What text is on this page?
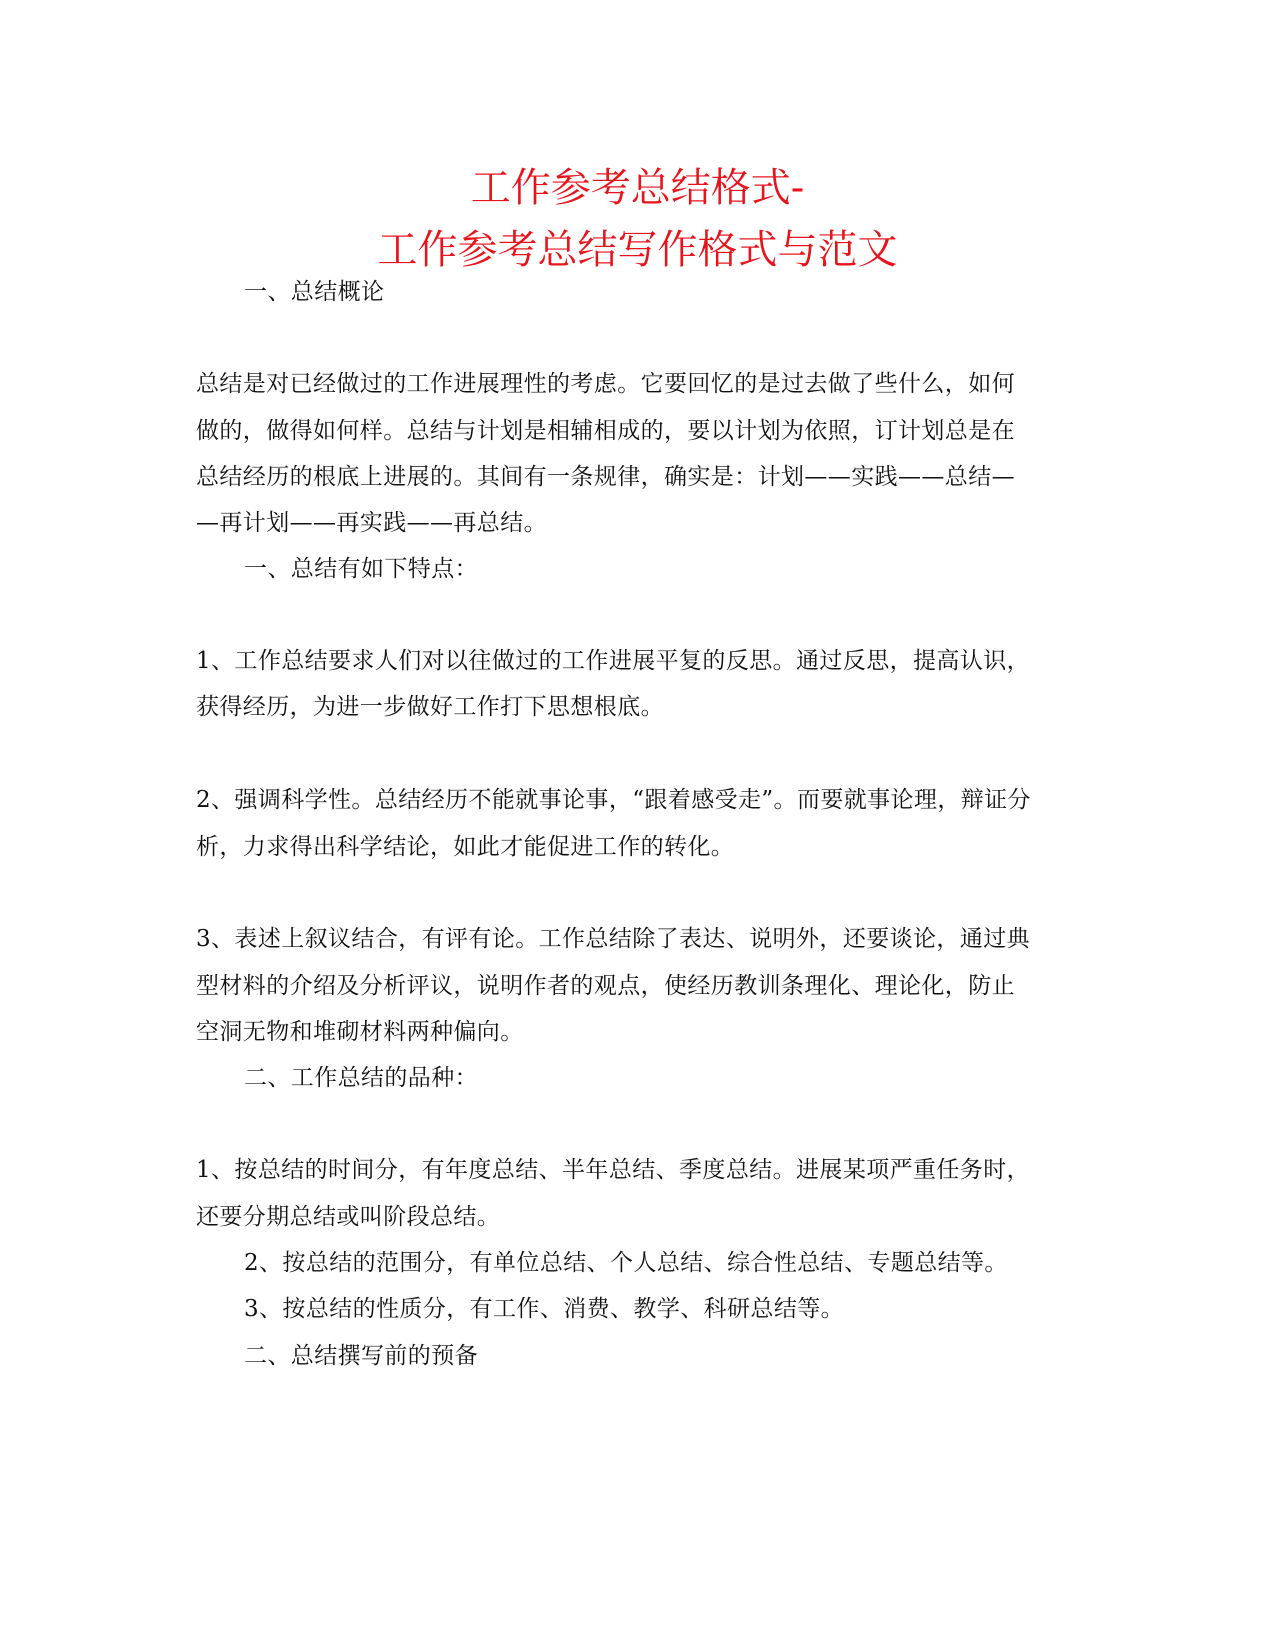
工作参考总结格式-
工作参考总结写作格式与范文

一、总结概论

总结是对已经做过的工作进展理性的考虑。它要回忆的是过去做了些什么，如何

做的，做得如何样。总结与计划是相辅相成的，要以计划为依照，订计划总是在

总结经历的根底上进展的。其间有一条规律，确实是：计划——实践——总结—

—再计划——再实践——再总结。

一、总结有如下特点：

1、工作总结要求人们对以往做过的工作进展平复的反思。通过反思，提高认识，

获得经历，为进一步做好工作打下思想根底。

2、强调科学性。总结经历不能就事论事，“跟着感受走”。而要就事论理，辩证分

析，力求得出科学结论，如此才能促进工作的转化。

3、表述上叙议结合，有评有论。工作总结除了表达、说明外，还要谈论，通过典

型材料的介绍及分析评议，说明作者的观点，使经历教训条理化、理论化，防止

空洞无物和堆砌材料两种偏向。

二、工作总结的品种：

1、按总结的时间分，有年度总结、半年总结、季度总结。进展某项严重任务时，

还要分期总结或叫阶段总结。

2、按总结的范围分，有单位总结、个人总结、综合性总结、专题总结等。

3、按总结的性质分，有工作、消费、教学、科研总结等。

二、总结撰写前的预备
